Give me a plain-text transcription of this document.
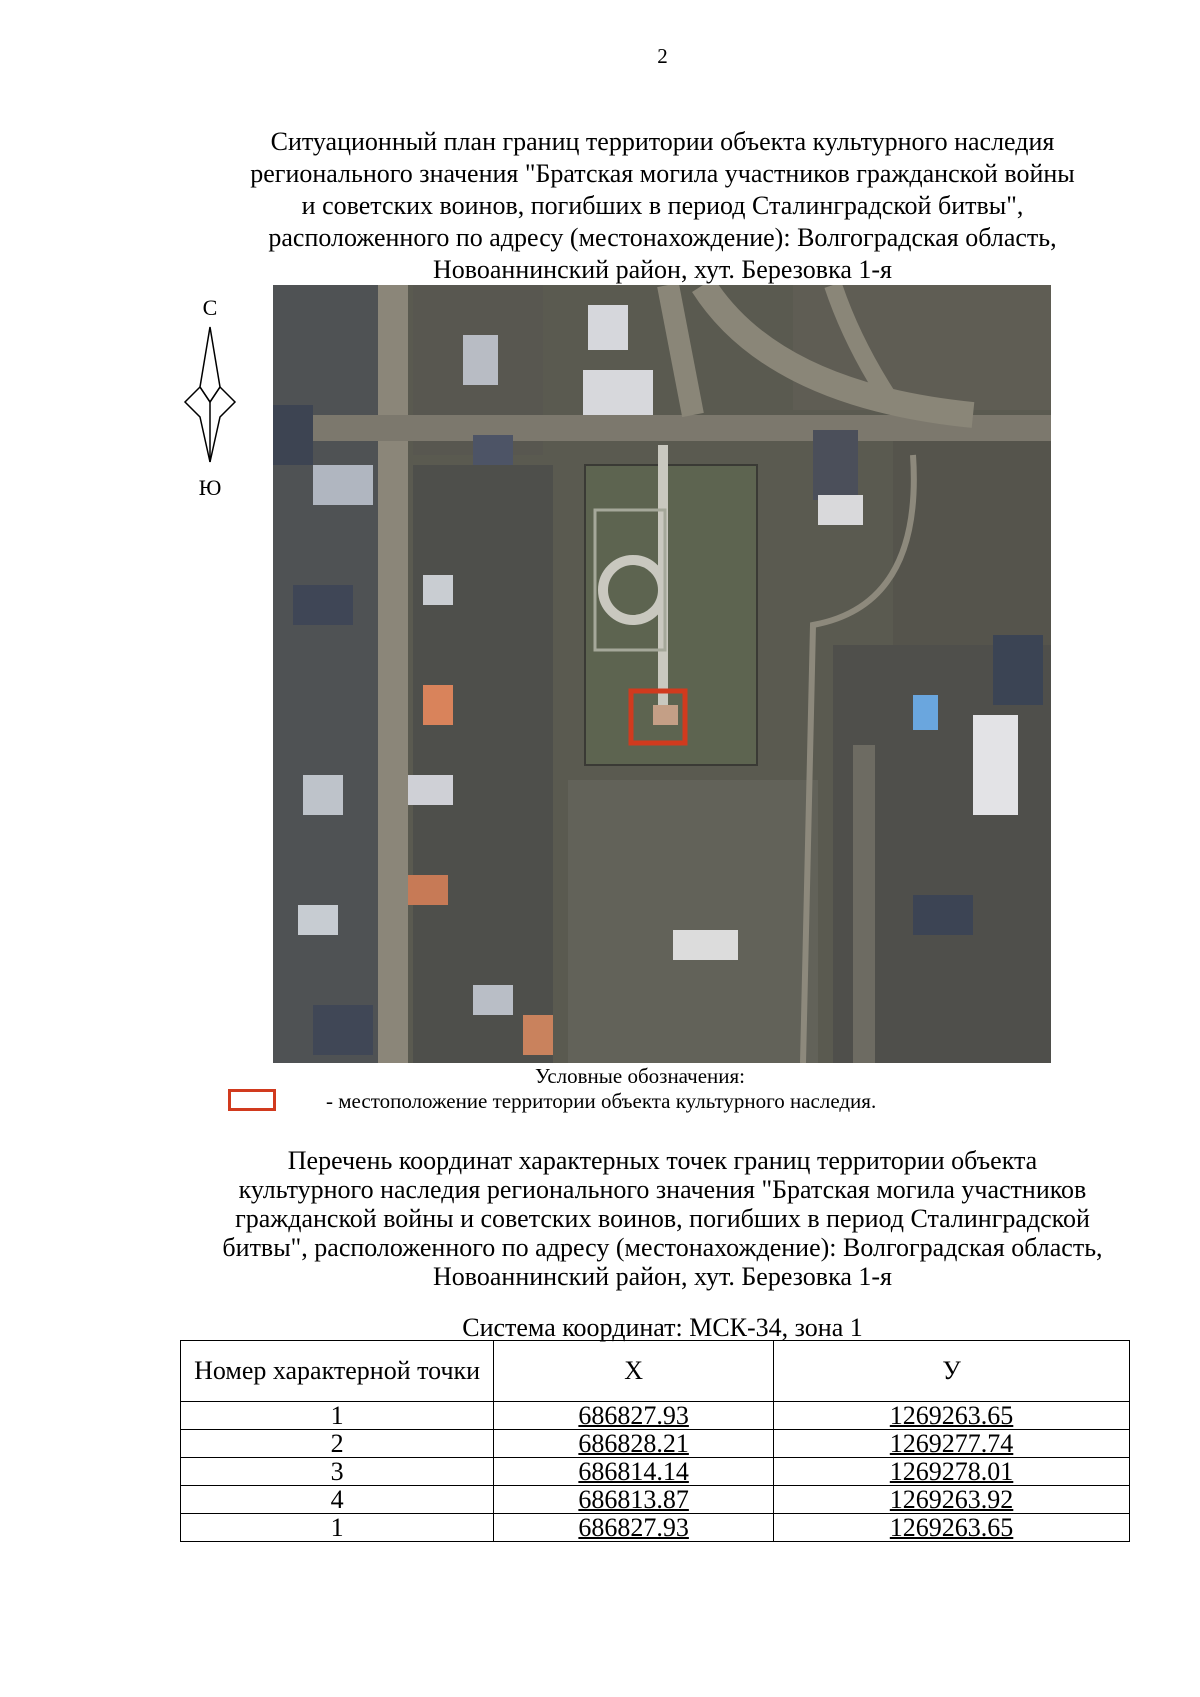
2
Ситуационный план границ территории объекта культурного наследия
регионального значения "Братская могила участников гражданской войны
и советских воинов, погибших в период Сталинградской битвы",
расположенного по адресу (местонахождение): Волгоградская область,
Новоаннинский район, хут. Березовка 1-я
С
Ю
Условные обозначения:
- местоположение территории объекта культурного наследия.
Перечень координат характерных точек границ территории объекта
культурного наследия регионального значения "Братская могила участников
гражданской войны и советских воинов, погибших в период Сталинградской
битвы", расположенного по адресу (местонахождение): Волгоградская область,
Новоаннинский район, хут. Березовка 1-я
Система координат: МСК-34, зона 1
Номер характерной точки	Х	У
1	686827.93	1269263.65
2	686828.21	1269277.74
3	686814.14	1269278.01
4	686813.87	1269263.92
1	686827.93	1269263.65
